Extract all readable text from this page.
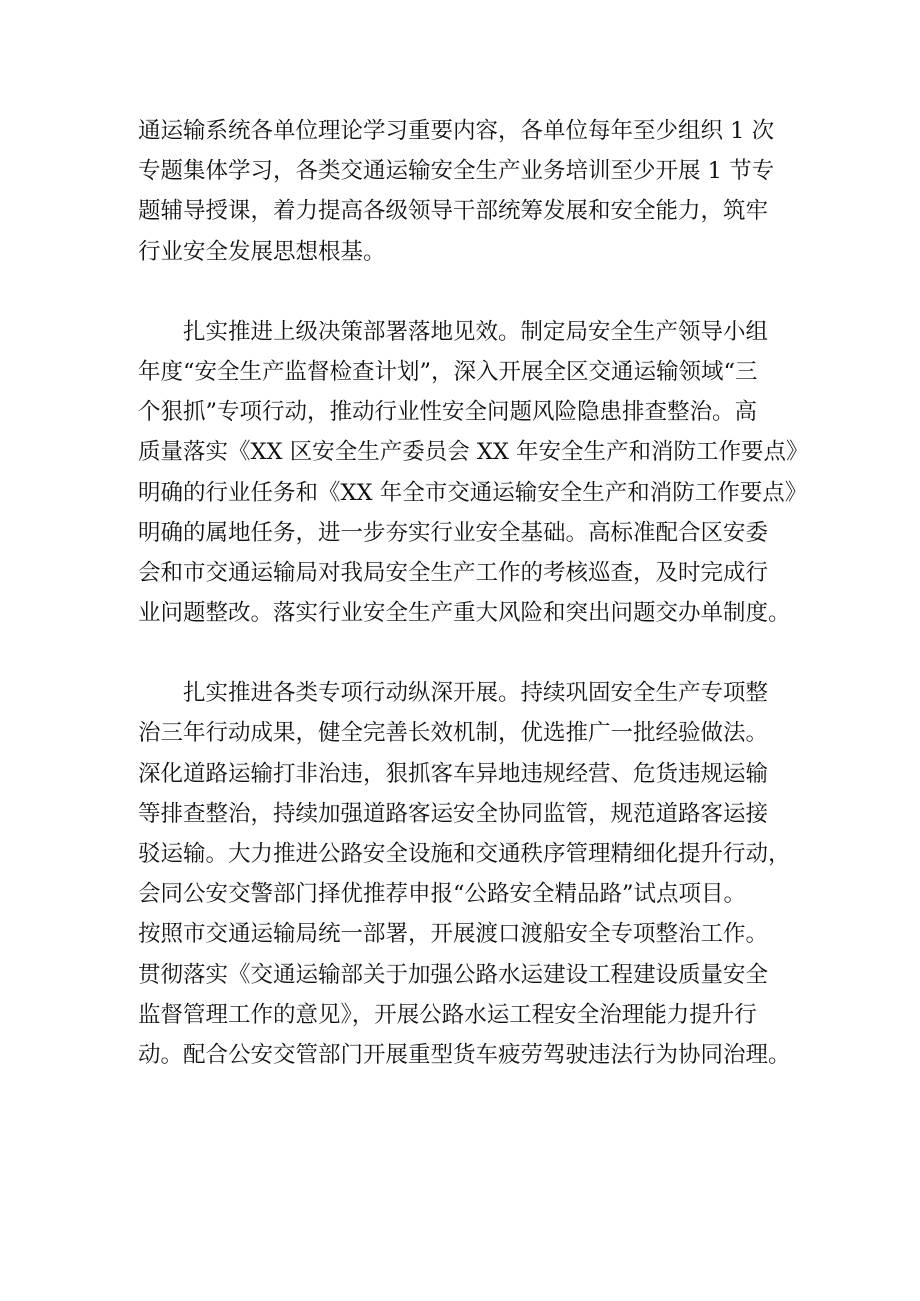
通运输系统各单位理论学习重要内容，各单位每年至少组织 1 次
专题集体学习，各类交通运输安全生产业务培训至少开展 1 节专
题辅导授课，着力提高各级领导干部统筹发展和安全能力，筑牢
行业安全发展思想根基。
扎实推进上级决策部署落地见效。制定局安全生产领导小组
年度“安全生产监督检查计划”，深入开展全区交通运输领域“三
个狠抓”专项行动，推动行业性安全问题风险隐患排查整治。高
质量落实《XX 区安全生产委员会 XX 年安全生产和消防工作要点》
明确的行业任务和《XX 年全市交通运输安全生产和消防工作要点》
明确的属地任务，进一步夯实行业安全基础。高标准配合区安委
会和市交通运输局对我局安全生产工作的考核巡查，及时完成行
业问题整改。落实行业安全生产重大风险和突出问题交办单制度。
扎实推进各类专项行动纵深开展。持续巩固安全生产专项整
治三年行动成果，健全完善长效机制，优选推广一批经验做法。
深化道路运输打非治违，狠抓客车异地违规经营、危货违规运输
等排查整治，持续加强道路客运安全协同监管，规范道路客运接
驳运输。大力推进公路安全设施和交通秩序管理精细化提升行动，
会同公安交警部门择优推荐申报“公路安全精品路”试点项目。
按照市交通运输局统一部署，开展渡口渡船安全专项整治工作。
贯彻落实《交通运输部关于加强公路水运建设工程建设质量安全
监督管理工作的意见》，开展公路水运工程安全治理能力提升行
动。配合公安交管部门开展重型货车疲劳驾驶违法行为协同治理。
